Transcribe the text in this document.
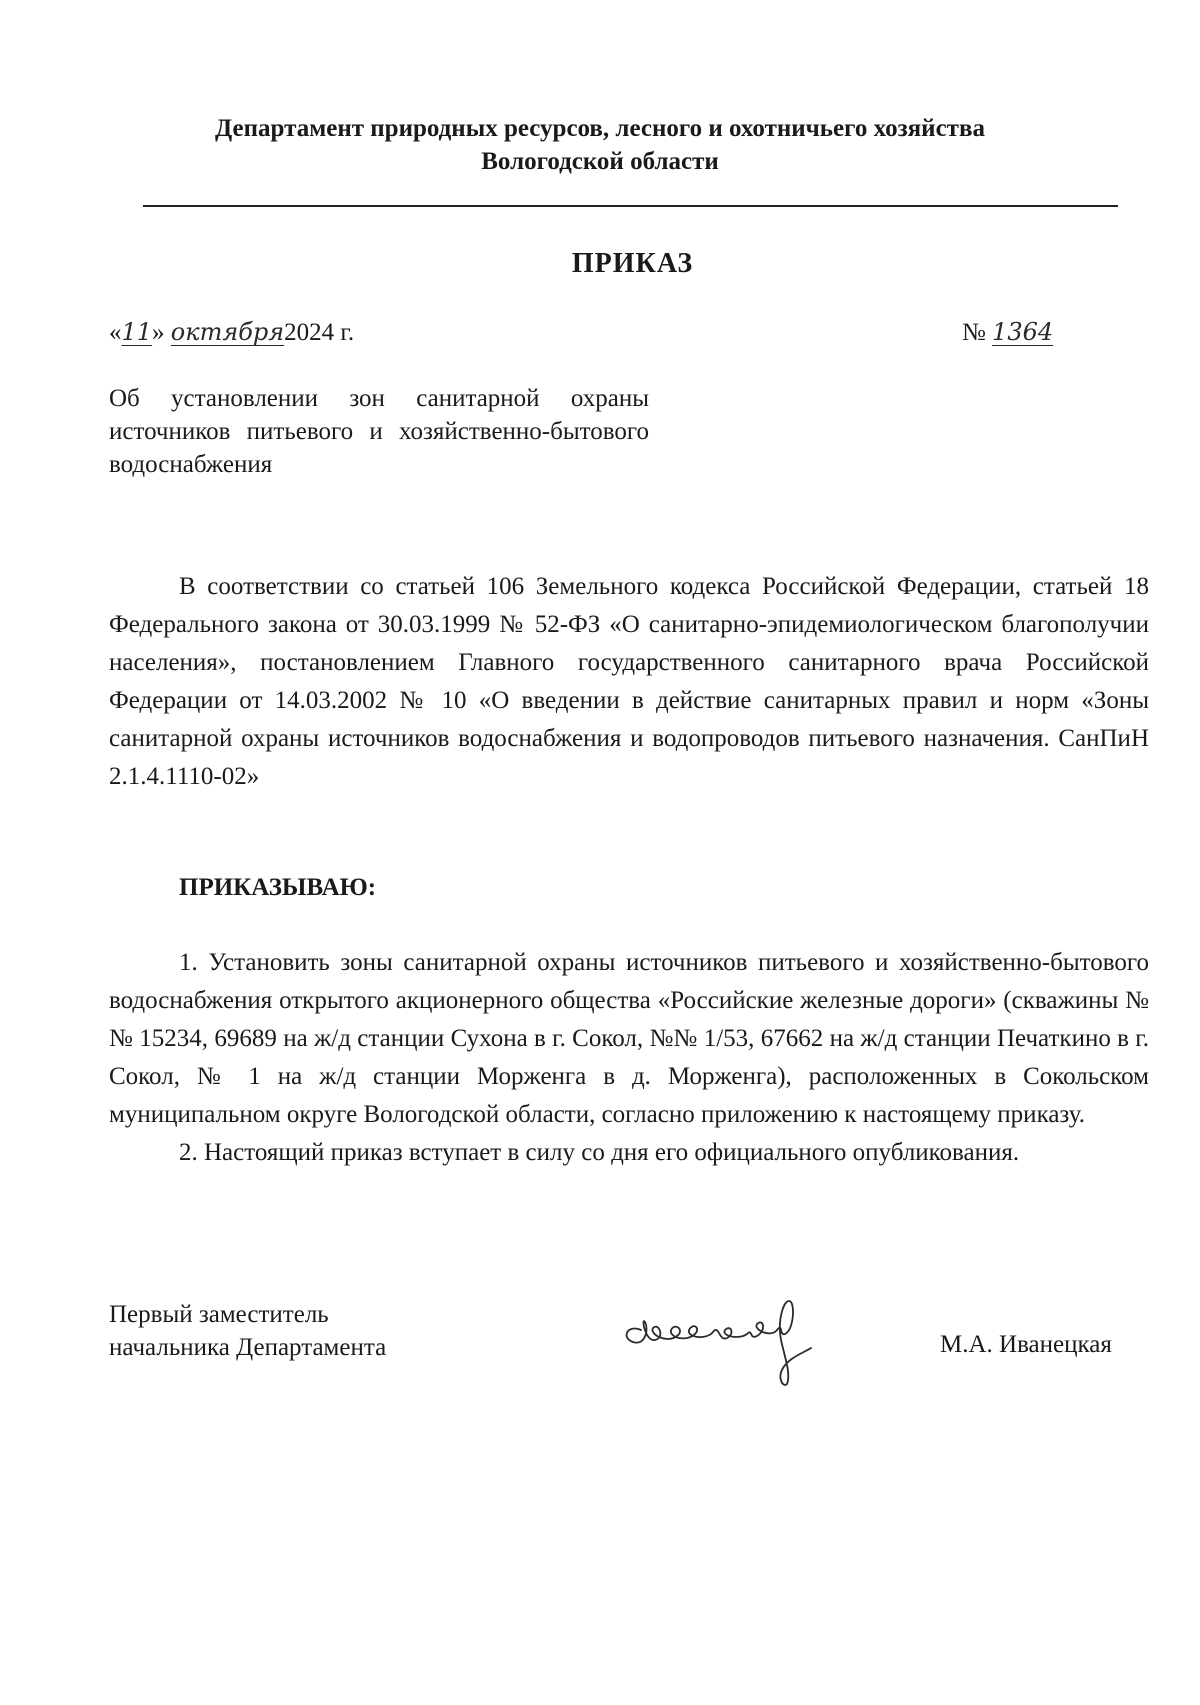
Департамент природных ресурсов, лесного и охотничьего хозяйства
Вологодской области
ПРИКАЗ
«11» октября2024 г.	№ 1364
Об установлении зон санитарной охраны источников питьевого и хозяйственно-бытового водоснабжения
В соответствии со статьей 106 Земельного кодекса Российской Федерации, статьей 18 Федерального закона от 30.03.1999 № 52-ФЗ «О санитарно-эпидемиологическом благополучии населения», постановлением Главного государственного санитарного врача Российской Федерации от 14.03.2002 № 10 «О введении в действие санитарных правил и норм «Зоны санитарной охраны источников водоснабжения и водопроводов питьевого назначения. СанПиН 2.1.4.1110-02»
ПРИКАЗЫВАЮ:

1. Установить зоны санитарной охраны источников питьевого и хозяйственно-бытового водоснабжения открытого акционерного общества «Российские железные дороги» (скважины №№ 15234, 69689 на ж/д станции Сухона в г. Сокол, №№ 1/53, 67662 на ж/д станции Печаткино в г. Сокол, № 1 на ж/д станции Морженга в д. Морженга), расположенных в Сокольском муниципальном округе Вологодской области, согласно приложению к настоящему приказу.

2. Настоящий приказ вступает в силу со дня его официального опубликования.

Первый заместитель
начальника Департамента	М.А. Иванецкая
